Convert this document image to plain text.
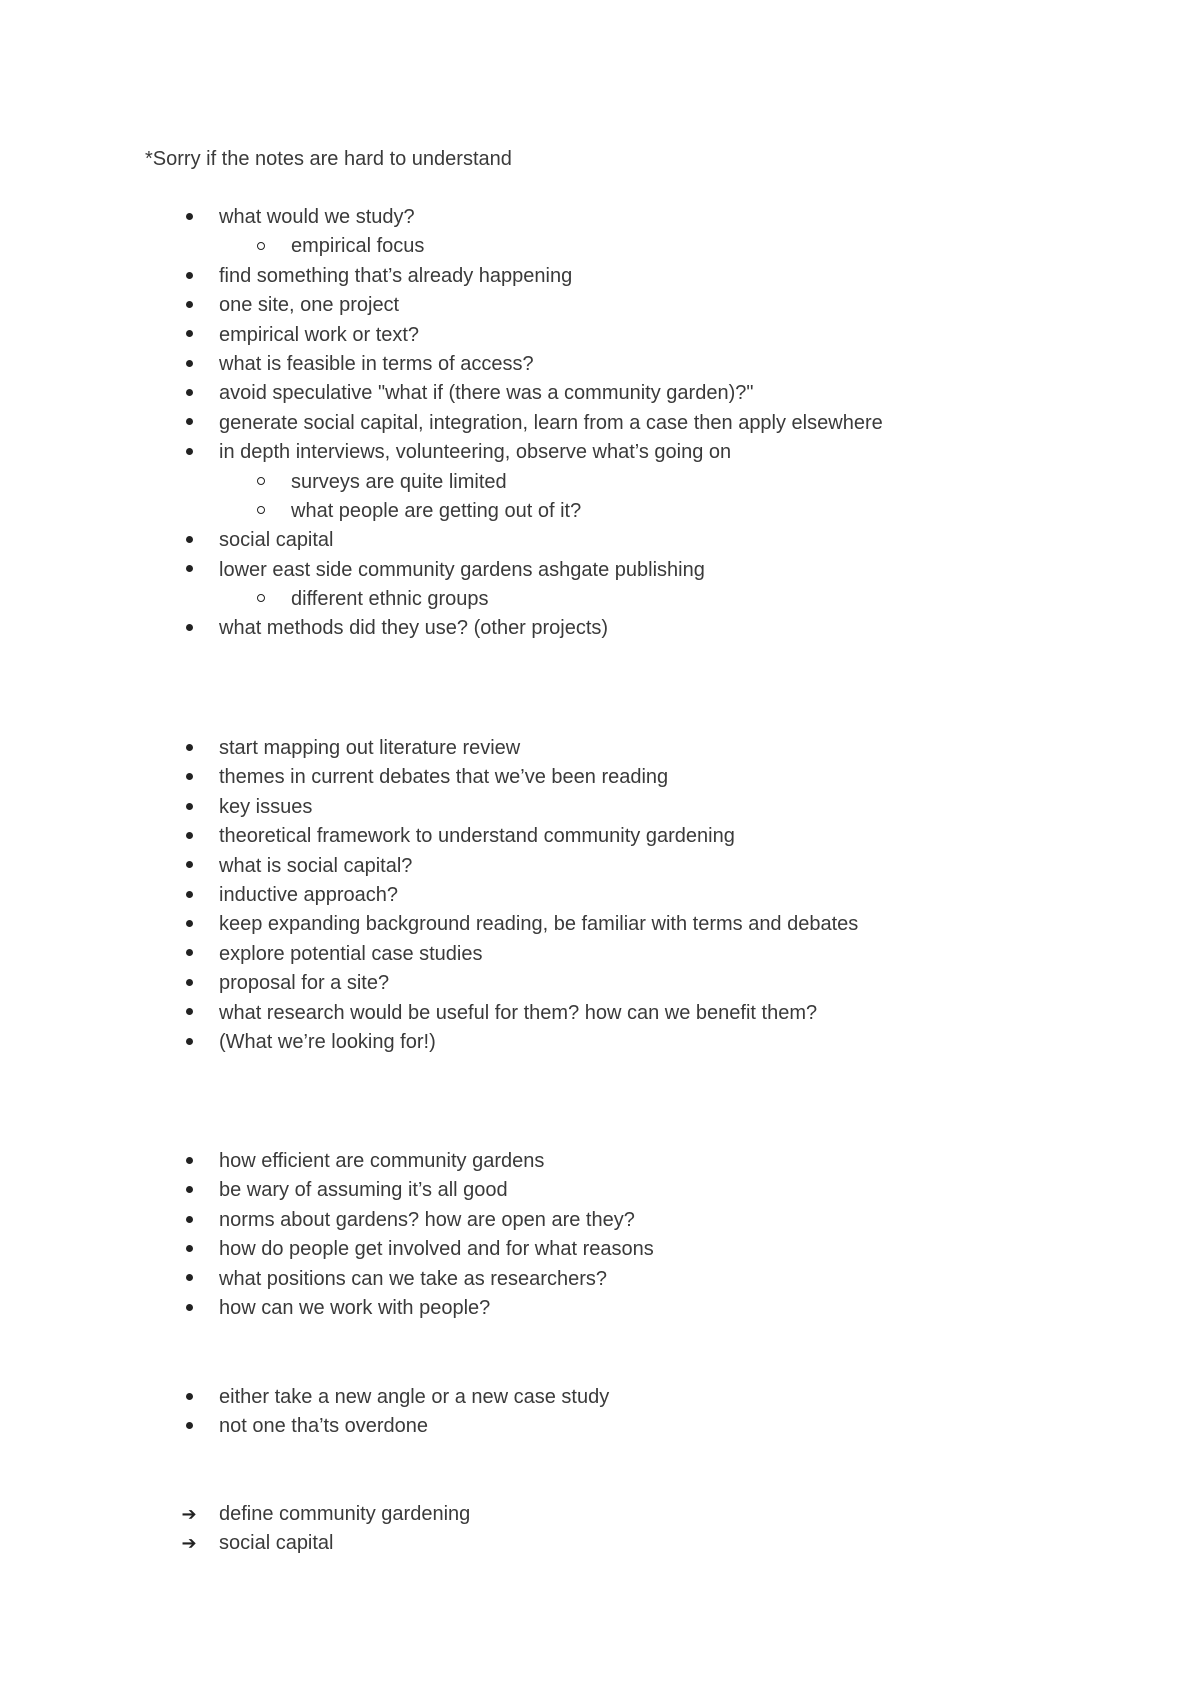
*Sorry if the notes are hard to understand

what would we study?
empirical focus
find something that’s already happening
one site, one project
empirical work or text?
what is feasible in terms of access?
avoid speculative "what if (there was a community garden)?"
generate social capital, integration, learn from a case then apply elsewhere
in depth interviews, volunteering, observe what’s going on
surveys are quite limited
what people are getting out of it?
social capital
lower east side community gardens ashgate publishing
different ethnic groups
what methods did they use? (other projects)
start mapping out literature review
themes in current debates that we’ve been reading
key issues
theoretical framework to understand community gardening
what is social capital?
inductive approach?
keep expanding background reading, be familiar with terms and debates
explore potential case studies
proposal for a site?
what research would be useful for them? how can we benefit them?
(What we’re looking for!)
how efficient are community gardens
be wary of assuming it’s all good
norms about gardens? how are open are they?
how do people get involved and for what reasons
what positions can we take as researchers?
how can we work with people?
either take a new angle or a new case study
not one tha’ts overdone
➔ define community gardening
➔ social capital
